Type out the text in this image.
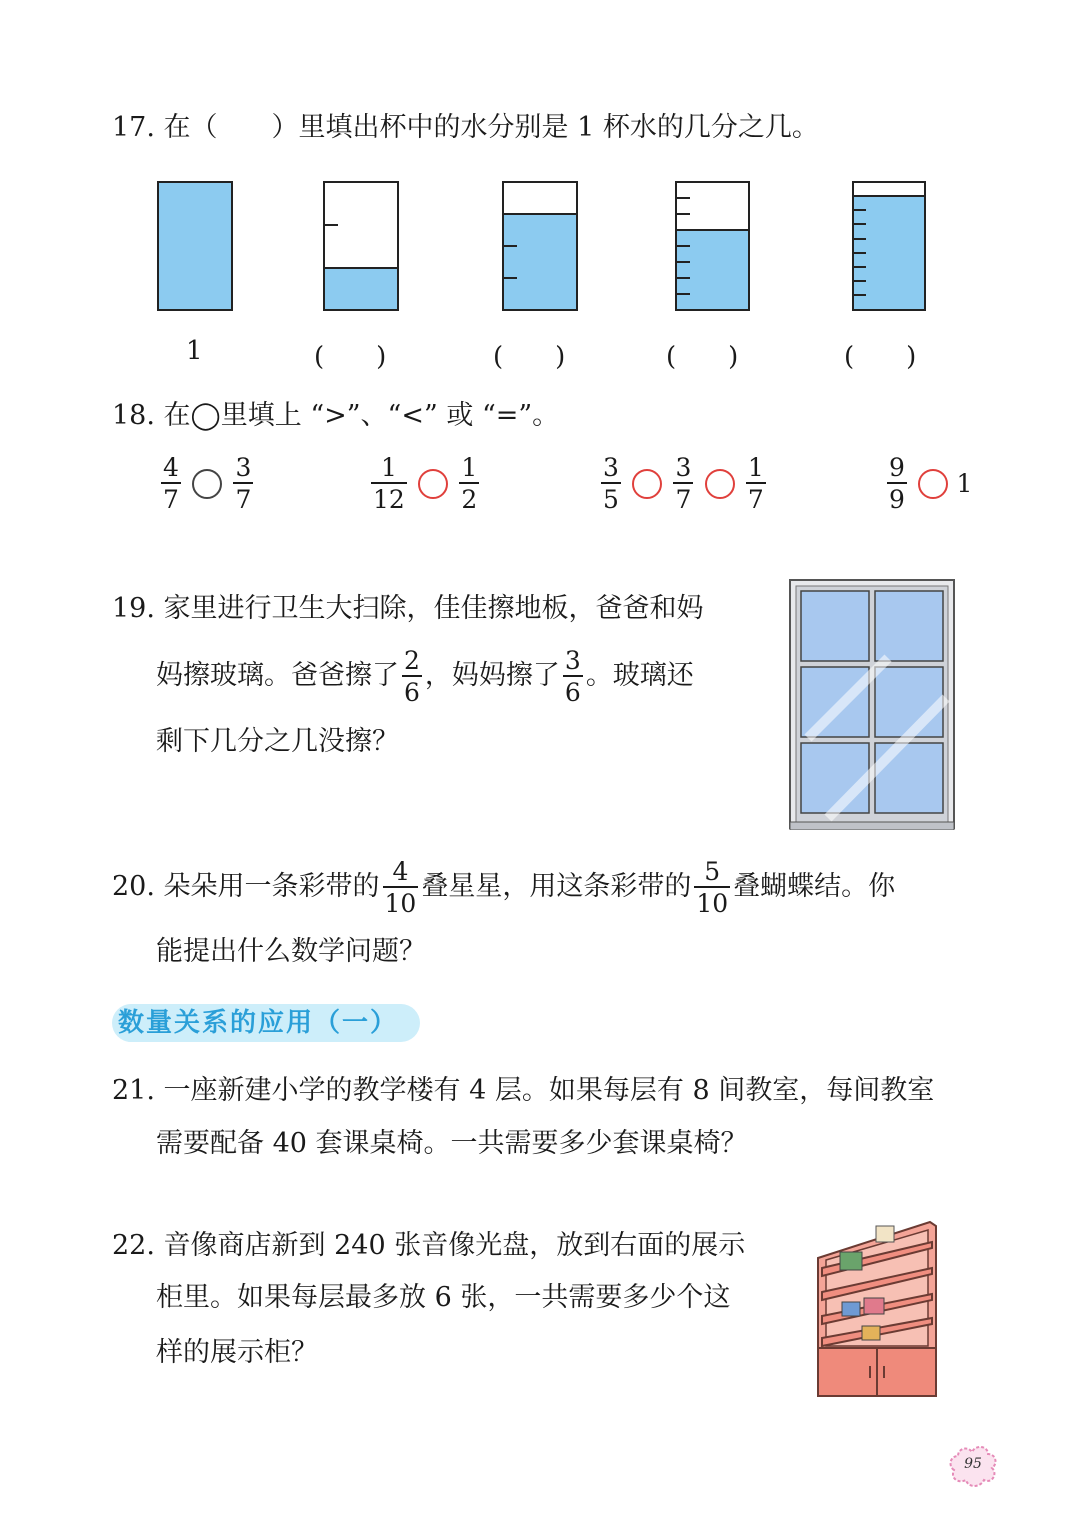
17. 在（　　）里填出杯中的水分别是 1 杯水的几分之几。
1	(　　)	(　　)	(　　)	(　　)
18. 在◯里填上 “>”、“<” 或 “=”。
$\frac{4}{7}$
$\frac{3}{7}$	$\frac{1}{12}$
$\frac{1}{2}$	$\frac{3}{5}$
$\frac{3}{7}$
$\frac{1}{7}$	$\frac{9}{9} 1$
19. 家里进行卫生大扫除，佳佳擦地板，爸爸和妈
妈擦玻璃。爸爸擦了 $\frac{2}{6}$ ，妈妈擦了 $\frac{3}{6}$ 。玻璃还
剩下几分之几没擦？
20. 朵朵用一条彩带的 $\frac{4}{10}$ 叠星星，用这条彩带的 $\frac{5}{10}$ 叠蝴蝶结。你
能提出什么数学问题？
数量关系的应用（一）
21. 一座新建小学的教学楼有 4 层。如果每层有 8 间教室，每间教室
需要配备 40 套课桌椅。一共需要多少套课桌椅？
22. 音像商店新到 240 张音像光盘，放到右面的展示
柜里。如果每层最多放 6 张，一共需要多少个这
样的展示柜？
95
